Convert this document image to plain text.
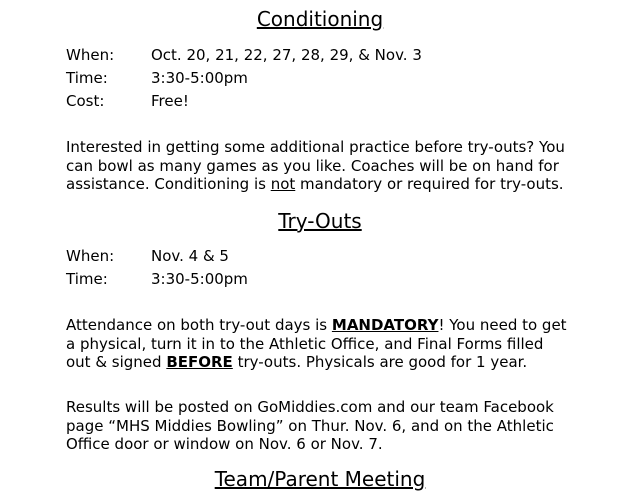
Conditioning
When: Oct. 20, 21, 22, 27, 28, 29, & Nov. 3
Time:	3:30-5:00pm
Cost:	Free!

Interested in getting some additional practice before try-outs? You
can bowl as many games as you like. Coaches will be on hand for
assistance. Conditioning is not mandatory or required for try-outs.

Try-Outs
When: Nov. 4 & 5
Time:	3:30-5:00pm

Attendance on both try-out days is MANDATORY! You need to get
a physical, turn it in to the Athletic Office, and Final Forms filled
out & signed BEFORE try-outs. Physicals are good for 1 year.

Results will be posted on GoMiddies.com and our team Facebook
page “MHS Middies Bowling” on Thur. Nov. 6, and on the Athletic
Office door or window on Nov. 6 or Nov. 7.

Team/Parent Meeting
